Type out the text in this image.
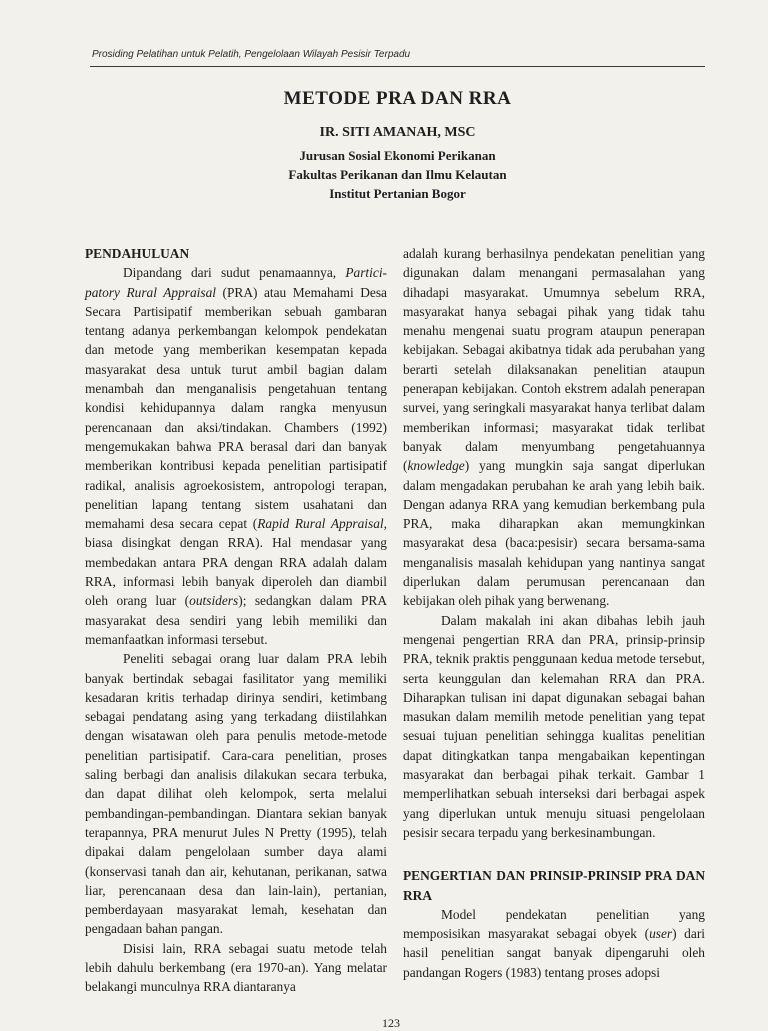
Prosiding Pelatihan untuk Pelatih, Pengelolaan Wilayah Pesisir Terpadu
METODE PRA DAN RRA
IR. SITI AMANAH, MSC
Jurusan Sosial Ekonomi Perikanan
Fakultas Perikanan dan Ilmu Kelautan
Institut Pertanian Bogor

PENDAHULUAN

Dipandang dari sudut penamaannya, Partici-patory Rural Appraisal (PRA) atau Memahami Desa Secara Partisipatif memberikan sebuah gambaran tentang adanya perkembangan kelompok pendekatan dan metode yang memberikan kesempatan kepada masyarakat desa untuk turut ambil bagian dalam menambah dan menganalisis pengetahuan tentang kondisi kehidupannya dalam rangka menyusun perencanaan dan aksi/tindakan. Chambers (1992) mengemukakan bahwa PRA berasal dari dan banyak memberikan kontribusi kepada penelitian partisipatif radikal, analisis agroekosistem, antropologi terapan, penelitian lapang tentang sistem usahatani dan memahami desa secara cepat (Rapid Rural Appraisal, biasa disingkat dengan RRA). Hal mendasar yang membedakan antara PRA dengan RRA adalah dalam RRA, informasi lebih banyak diperoleh dan diambil oleh orang luar (outsiders); sedangkan dalam PRA masyarakat desa sendiri yang lebih memiliki dan memanfaatkan informasi tersebut.

Peneliti sebagai orang luar dalam PRA lebih banyak bertindak sebagai fasilitator yang memiliki kesadaran kritis terhadap dirinya sendiri, ketimbang sebagai pendatang asing yang terkadang diistilahkan dengan wisatawan oleh para penulis metode-metode penelitian partisipatif. Cara-cara penelitian, proses saling berbagi dan analisis dilakukan secara terbuka, dan dapat dilihat oleh kelompok, serta melalui pembandingan-pembandingan. Diantara sekian banyak terapannya, PRA menurut Jules N Pretty (1995), telah dipakai dalam pengelolaan sumber daya alami (konservasi tanah dan air, kehutanan, perikanan, satwa liar, perencanaan desa dan lain-lain), pertanian, pemberdayaan masyarakat lemah, kesehatan dan pengadaan bahan pangan.

Disisi lain, RRA sebagai suatu metode telah lebih dahulu berkembang (era 1970-an). Yang melatar belakangi munculnya RRA diantaranya

adalah kurang berhasilnya pendekatan penelitian yang digunakan dalam menangani permasalahan yang dihadapi masyarakat. Umumnya sebelum RRA, masyarakat hanya sebagai pihak yang tidak tahu menahu mengenai suatu program ataupun penerapan kebijakan. Sebagai akibatnya tidak ada perubahan yang berarti setelah dilaksanakan penelitian ataupun penerapan kebijakan. Contoh ekstrem adalah penerapan survei, yang seringkali masyarakat hanya terlibat dalam memberikan informasi; masyarakat tidak terlibat banyak dalam menyumbang pengetahuannya (knowledge) yang mungkin saja sangat diperlukan dalam mengadakan perubahan ke arah yang lebih baik. Dengan adanya RRA yang kemudian berkembang pula PRA, maka diharapkan akan memungkinkan masyarakat desa (baca:pesisir) secara bersama-sama menganalisis masalah kehidupan yang nantinya sangat diperlukan dalam perumusan perencanaan dan kebijakan oleh pihak yang berwenang.

Dalam makalah ini akan dibahas lebih jauh mengenai pengertian RRA dan PRA, prinsip-prinsip PRA, teknik praktis penggunaan kedua metode tersebut, serta keunggulan dan kelemahan RRA dan PRA. Diharapkan tulisan ini dapat digunakan sebagai bahan masukan dalam memilih metode penelitian yang tepat sesuai tujuan penelitian sehingga kualitas penelitian dapat ditingkatkan tanpa mengabaikan kepentingan masyarakat dan berbagai pihak terkait. Gambar 1 memperlihatkan sebuah interseksi dari berbagai aspek yang diperlukan untuk menuju situasi pengelolaan pesisir secara terpadu yang berkesinambungan.

PENGERTIAN DAN PRINSIP-PRINSIP PRA DAN RRA

Model pendekatan penelitian yang memposisikan masyarakat sebagai obyek (user) dari hasil penelitian sangat banyak dipengaruhi oleh pandangan Rogers (1983) tentang proses adopsi

123
